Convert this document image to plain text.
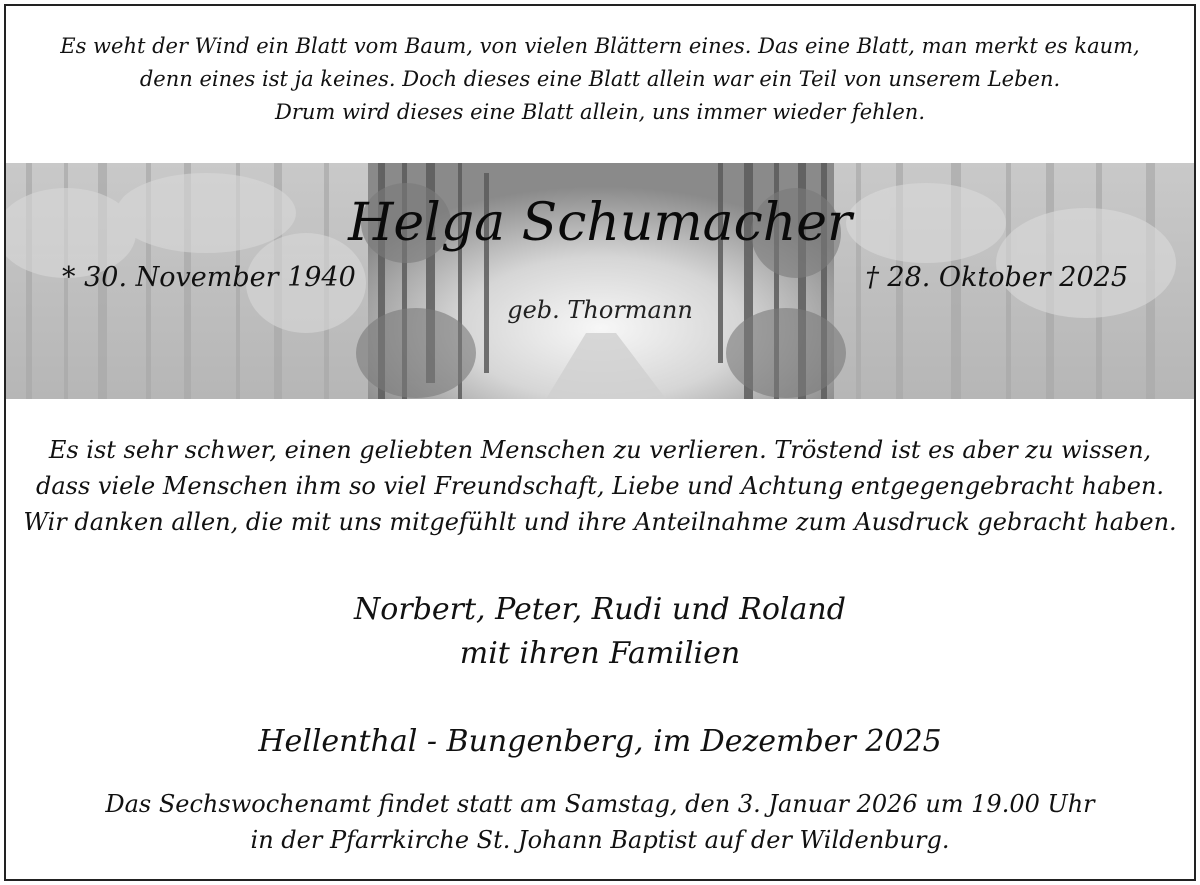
Es weht der Wind ein Blatt vom Baum, von vielen Blättern eines. Das eine Blatt, man merkt es kaum,
denn eines ist ja keines. Doch dieses eine Blatt allein war ein Teil von unserem Leben.
Drum wird dieses eine Blatt allein, uns immer wieder fehlen.
Helga Schumacher
* 30. November 1940	† 28. Oktober 2025
geb. Thormann
Es ist sehr schwer, einen geliebten Menschen zu verlieren. Tröstend ist es aber zu wissen,
dass viele Menschen ihm so viel Freundschaft, Liebe und Achtung entgegengebracht haben.
Wir danken allen, die mit uns mitgefühlt und ihre Anteilnahme zum Ausdruck gebracht haben.
Norbert, Peter, Rudi und Roland
mit ihren Familien
Hellenthal - Bungenberg, im Dezember 2025
Das Sechswochenamt findet statt am Samstag, den 3. Januar 2026 um 19.00 Uhr
in der Pfarrkirche St. Johann Baptist auf der Wildenburg.
